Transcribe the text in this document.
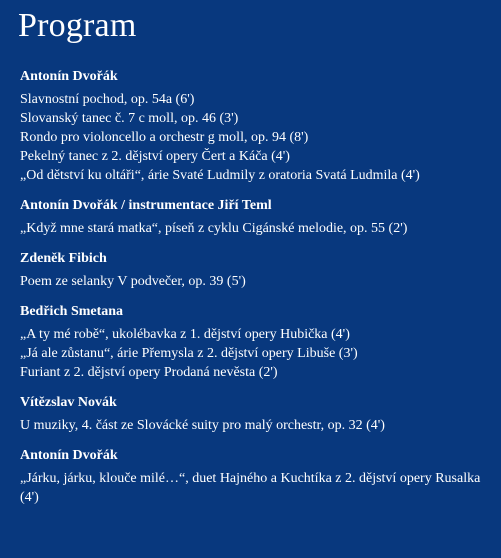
Program
Antonín Dvořák
Slavnostní pochod, op. 54a (6')
Slovanský tanec č. 7 c moll, op. 46 (3')
Rondo pro violoncello a orchestr g moll, op. 94 (8')
Pekelný tanec z 2. dějství opery Čert a Káča (4')
„Od dětství ku oltáři“, árie Svaté Ludmily z oratoria Svatá Ludmila (4')
Antonín Dvořák / instrumentace Jiří Teml
„Když mne stará matka“, píseň z cyklu Cigánské melodie, op. 55 (2')
Zdeněk Fibich
Poem ze selanky V podvečer, op. 39 (5')
Bedřich Smetana
„A ty mé robě“, ukolébavka z 1. dějství opery Hubička (4')
„Já ale zůstanu“, árie Přemysla z 2. dějství opery Libuše (3')
Furiant z 2. dějství opery Prodaná nevěsta (2')
Vítězslav Novák
U muziky, 4. část ze Slovácké suity pro malý orchestr, op. 32 (4')
Antonín Dvořák
„Járku, járku, klouče milé…“, duet Hajného a Kuchtíka z 2. dějství opery Rusalka (4')
